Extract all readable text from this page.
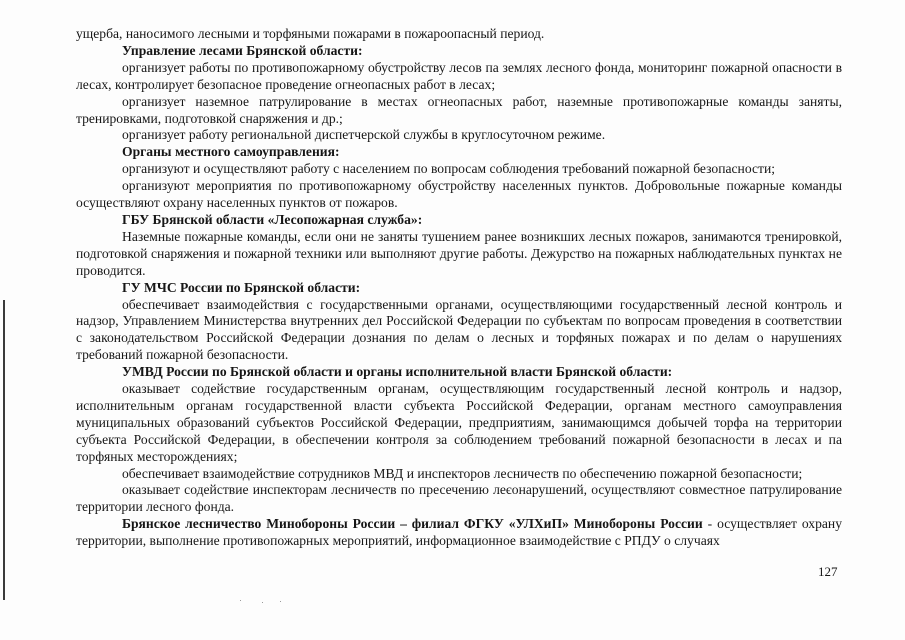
ущерба, наносимого лесными и торфяными пожарами в пожароопасный период.

Управление лесами Брянской области:

организует работы по противопожарному обустройству лесов па землях лесного фонда, мониторинг пожарной опасности в лесах, контролирует безопасное проведение огнеопасных работ в лесах;

организует наземное патрулирование в местах огнеопасных работ, наземные противопожарные команды заняты, тренировками, подготовкой снаряжения и др.;

организует работу региональной диспетчерской службы в круглосуточном режиме.

Органы местного самоуправления:

организуют и осуществляют работу с населением по вопросам соблюдения требований пожарной безопасности;

организуют мероприятия по противопожарному обустройству населенных пунктов. Добровольные пожарные команды осуществляют охрану населенных пунктов от пожаров.

ГБУ Брянской области «Лесопожарная служба»:

Наземные пожарные команды, если они не заняты тушением ранее возникших лесных пожаров, занимаются тренировкой, подготовкой снаряжения и пожарной техники или выполняют другие работы. Дежурство на пожарных наблюдательных пунктах не проводится.

ГУ МЧС России по Брянской области:

обеспечивает взаимодействия с государственными органами, осуществляющими государственный лесной контроль и надзор, Управлением Министерства внутренних дел Российской Федерации по субъектам по вопросам проведения в соответствии с законодательством Российской Федерации дознания по делам о лесных и торфяных пожарах и по делам о нарушениях требований пожарной безопасности.

УМВД России по Брянской области и органы исполнительной власти Брянской области:

оказывает содействие государственным органам, осуществляющим государственный лесной контроль и надзор, исполнительным органам государственной власти субъекта Российской Федерации, органам местного самоуправления муниципальных образований субъектов Российской Федерации, предприятиям, занимающимся добычей торфа на территории субъекта Российской Федерации, в обеспечении контроля за соблюдением требований пожарной безопасности в лесах и па торфяных месторождениях;

обеспечивает взаимодействие сотрудников МВД и инспекторов лесничеств по обеспечению пожарной безопасности;

оказывает содействие инспекторам лесничеств по пресечению леєонарушений, осуществляют совместное патрулирование территории лесного фонда.

Брянское лесничество Минобороны России – филиал ФГКУ «УЛХиП» Минобороны России - осуществляет охрану территории, выполнение противопожарных мероприятий, информационное взаимодействие с РПДУ о случаях

127
